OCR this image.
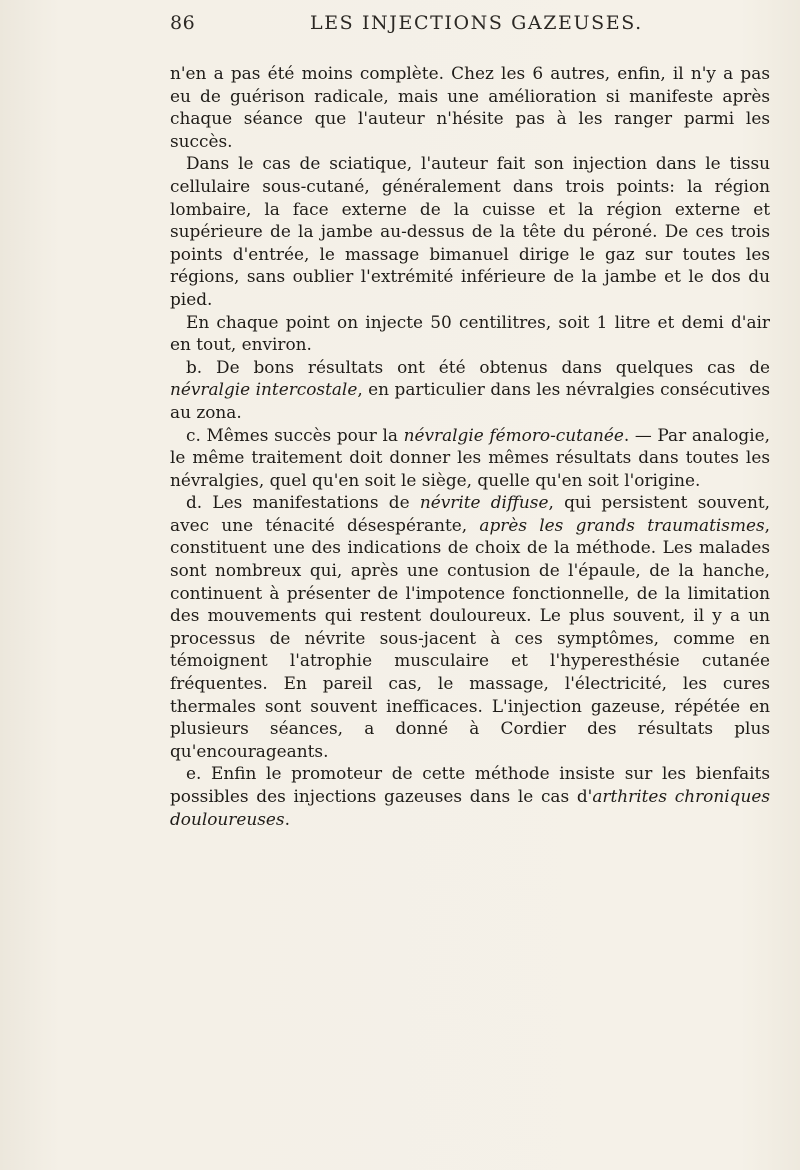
86	LES INJECTIONS GAZEUSES.

n'en a pas été moins complète. Chez les 6 autres, enfin, il n'y a pas eu de guérison radicale, mais une amélioration si manifeste après chaque séance que l'auteur n'hésite pas à les ranger parmi les succès.

Dans le cas de sciatique, l'auteur fait son injection dans le tissu cellulaire sous-cutané, généralement dans trois points: la région lombaire, la face externe de la cuisse et la région externe et supérieure de la jambe au-dessus de la tête du péroné. De ces trois points d'entrée, le massage bimanuel dirige le gaz sur toutes les régions, sans oublier l'extrémité inférieure de la jambe et le dos du pied.

En chaque point on injecte 50 centilitres, soit 1 litre et demi d'air en tout, environ.

b. De bons résultats ont été obtenus dans quelques cas de névralgie intercostale, en particulier dans les névralgies consécutives au zona.

c. Mêmes succès pour la névralgie fémoro-cutanée. — Par analogie, le même traitement doit donner les mêmes résultats dans toutes les névralgies, quel qu'en soit le siège, quelle qu'en soit l'origine.

d. Les manifestations de névrite diffuse, qui persistent souvent, avec une ténacité désespérante, après les grands traumatismes, constituent une des indications de choix de la méthode. Les malades sont nombreux qui, après une contusion de l'épaule, de la hanche, continuent à présenter de l'impotence fonctionnelle, de la limitation des mouvements qui restent douloureux. Le plus souvent, il y a un processus de névrite sous-jacent à ces symptômes, comme en témoignent l'atrophie musculaire et l'hyperesthésie cutanée fréquentes. En pareil cas, le massage, l'électricité, les cures thermales sont souvent inefficaces. L'injection gazeuse, répétée en plusieurs séances, a donné à Cordier des résultats plus qu'encourageants.

e. Enfin le promoteur de cette méthode insiste sur les bienfaits possibles des injections gazeuses dans le cas d'arthrites chroniques douloureuses.
